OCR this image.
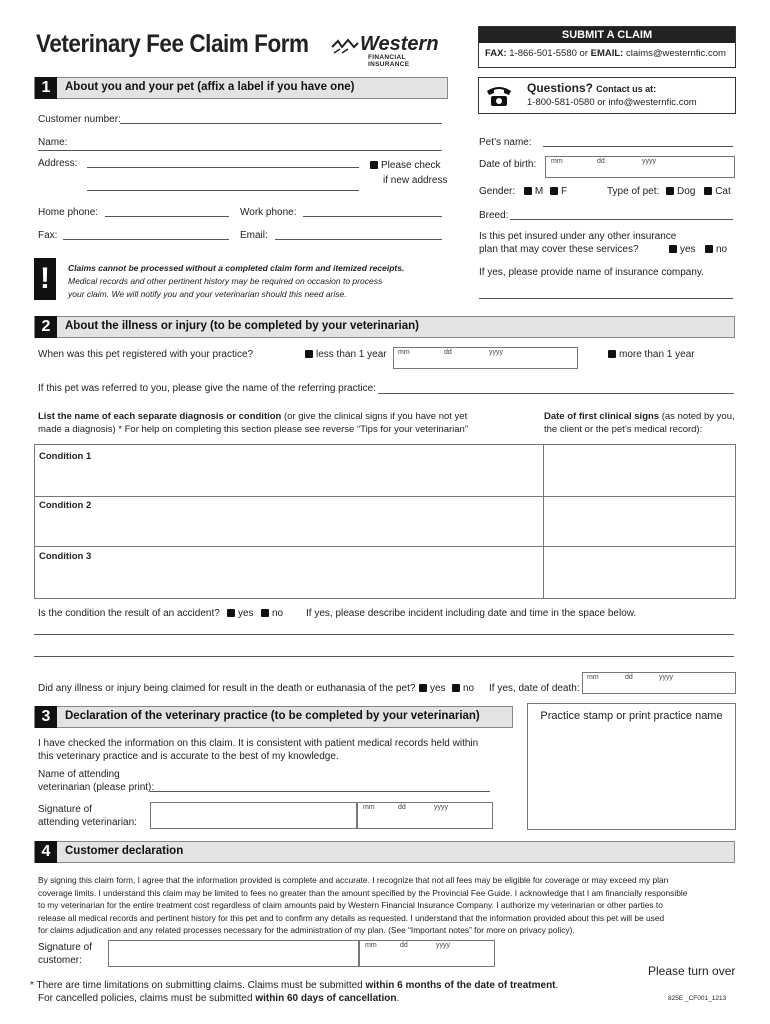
Veterinary Fee Claim Form	Western
FINANCIAL INSURANCE
SUBMIT A CLAIM
FAX: 1-866-501-5580 or EMAIL: claims@westernfic.com
Questions? Contact us at:
1-800-581-0580 or info@westernfic.com
1	About you and your pet (affix a label if you have one)
Customer number:
Name:
Address:	Please check
if new address
Home phone:	Work phone:
Fax:	Email:
!	Claims cannot be processed without a completed claim form and itemized receipts.
Medical records and other pertinent history may be required on occasion to process
your claim. We will notify you and your veterinarian should this need arise.
Pet’s name:
Date of birth: mm	dd	yyyy
Gender: M F	Type of pet: Dog Cat
Breed:
Is this pet insured under any other insurance
plan that may cover these services?	yes	no
If yes, please provide name of insurance company.
2	About the illness or injury (to be completed by your veterinarian)
When was this pet registered with your practice?	less than 1 year mm	dd	yyyy	more than 1 year
If this pet was referred to you, please give the name of the referring practice:
List the name of each separate diagnosis or condition (or give the clinical signs if you have not yet
made a diagnosis) * For help on completing this section please see reverse “Tips for your veterinarian”
Date of first clinical signs (as noted by you,
the client or the pet’s medical record):
Condition 1
Condition 2
Condition 3
Is the condition the result of an accident?	yes	no If yes, please describe incident including date and time in the space below.
Did any illness or injury being claimed for result in the death or euthanasia of the pet?	yes	no If yes, date of death:
mm	dd	yyyy
3	Declaration of the veterinary practice (to be completed by your veterinarian)	Practice stamp or print practice name
I have checked the information on this claim. It is consistent with patient medical records held within
this veterinary practice and is accurate to the best of my knowledge.
Name of attending
veterinarian (please print):
Signature of
attending veterinarian:
mm	dd	yyyy
4	Customer declaration
By signing this claim form, I agree that the information provided is complete and accurate. I recognize that not all fees may be eligible for coverage or may exceed my plan
coverage limits. I understand this claim may be limited to fees no greater than the amount specified by the Provincial Fee Guide. I acknowledge that I am financially responsible
to my veterinarian for the entire treatment cost regardless of claim amounts paid by Western Financial Insurance Company. I authorize my veterinarian or other parties to
release all medical records and pertinent history for this pet and to confirm any details as requested. I understand that the information provided about this pet will be used
for claims adjudication and any related processes necessary for the administration of my plan. (See “Important notes” for more on privacy policy).
Signature of
customer:
mm	dd	yyyy
Please turn over
* There are time limitations on submitting claims. Claims must be submitted within 6 months of the date of treatment.
For cancelled policies, claims must be submitted within 60 days of cancellation.	825E _CF001_1213
